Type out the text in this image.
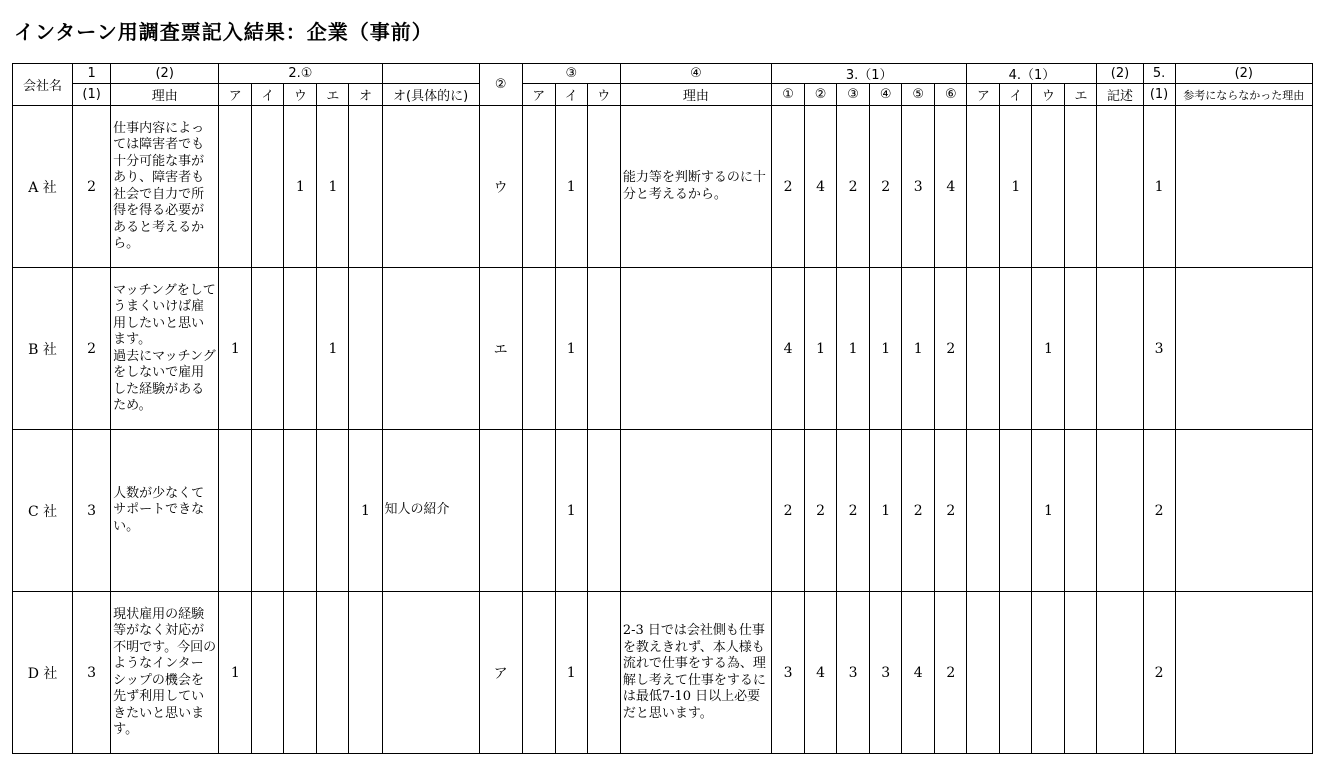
インターン用調査票記入結果：企業（事前）
会社名	1	(2)	2.①						②	③			④	3.（1）						4.（1）				(2)	5.	(2)
	(1)	理由	ア	イ	ウ	エ	オ	オ(具体的に)		ア	イ	ウ	理由	①	②	③	④	⑤	⑥	ア	イ	ウ	エ	記述	(1)	参考にならなかった理由
A 社	2	仕事内容によっては障害者でも十分可能な事があり、障害者も社会で自力で所得を得る必要があると考えるから。			1	1			ウ		1		能力等を判断するのに十分と考えるから。	2	4	2	2	3	4		1				1	
B 社	2	マッチングをしてうまくいけば雇用したいと思います。
過去にマッチングをしないで雇用した経験があるため。	1			1			エ		1			4	1	1	1	1	2			1			3	
C 社	3	人数が少なくてサポートできない。					1	知人の紹介			1			2	2	2	1	2	2			1			2	
D 社	3	現状雇用の経験等がなく対応が不明です。今回のようなインターシップの機会を先ず利用していきたいと思います。	1						ア		1		2-3 日では会社側も仕事を教えきれず、本人様も流れで仕事をする為、理解し考えて仕事をするには最低7-10 日以上必要だと思います。	3	4	3	3	4	2						2	
